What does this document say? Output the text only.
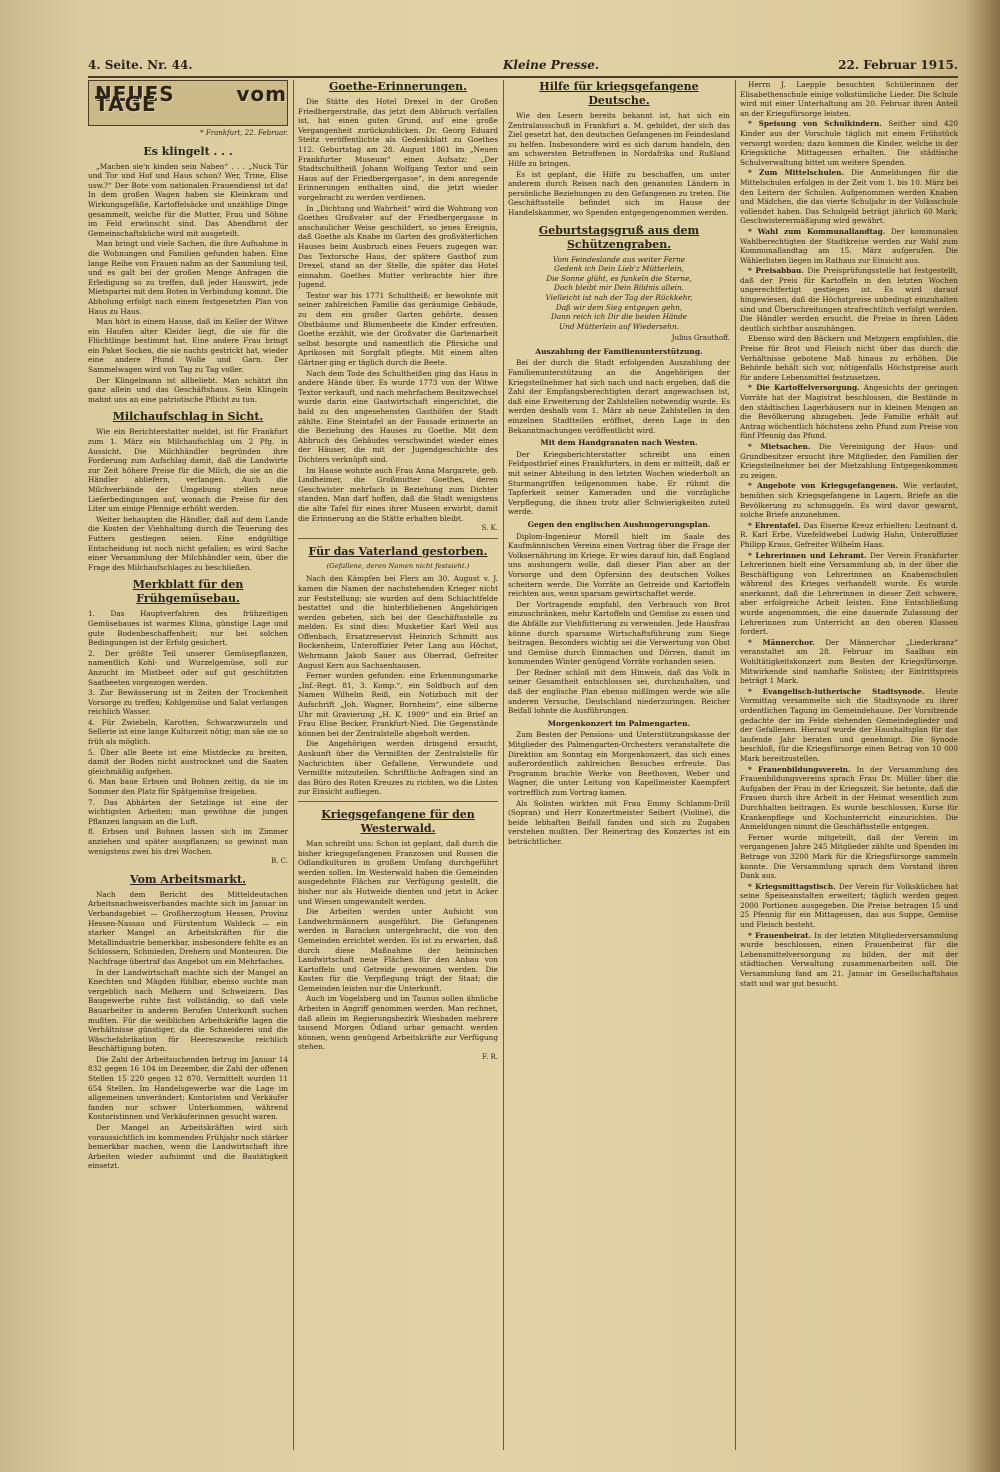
4. Seite. Nr. 44.	Kleine Presse.	22. Februar 1915.
NEUES vom TAGE
* Frankfurt, 22. Februar.
Es klingelt . . .

„Machen sie'n kinden sein Naben“ . . . „Nuck Tür und Tor und Hof und Haus schon? Wer, Trine, Elise usw.?“ Der Bote vom nationalen Frauendienst ist da! In dem großen Wagen haben sie Kleinkram und Wirkungsgefäße, Kartoffelsäcke und unzählige Dinge gesammelt, welche für die Mutter, Frau und Söhne im Feld erwünscht sind. Das Abendbrot der Gemeinschaftsküche wird mit ausgeteilt.

Man bringt und viele Sachen, die ihre Aufnahme in die Wohnungen und Familien gefunden haben. Eine lange Reihe von Frauen nahm an der Sammlung teil, und es galt bei der großen Menge Anfragen die Erledigung so zu treffen, daß jeder Hauswirt, jede Mietspartei mit dem Boten in Verbindung kommt. Die Abholung erfolgt nach einem festgesetzten Plan von Haus zu Haus.

Man hört in einem Hause, daß im Keller der Witwe ein Haufen alter Kleider liegt, die sie für die Flüchtlinge bestimmt hat. Eine andere Frau bringt ein Paket Socken, die sie nachts gestrickt hat, wieder eine andere Pfund Wolle und Garn. Der Sammelwagen wird von Tag zu Tag voller.

Der Klingelmann ist allbeliebt. Man schätzt ihn ganz allein und das Geschäftshaus. Sein Klingeln mahnt uns an eine patriotische Pflicht zu tun.

Milchaufschlag in Sicht.

Wie ein Berichterstatter meldet, ist für Frankfurt zum 1. März ein Milchaufschlag um 2 Pfg. in Aussicht. Die Milchhändler begründen ihre Forderung zum Aufschlag damit, daß die Landwirte zur Zeit höhere Preise für die Milch, die sie an die Händler abliefern, verlangen. Auch die Milchverbände der Umgebung stellen neue Lieferbedingungen auf, wonach die Preise für den Liter um einige Pfennige erhöht werden.

Weiter behaupten die Händler, daß auf dem Lande die Kosten der Viehhaltung durch die Teuerung des Futters gestiegen seien. Eine endgültige Entscheidung ist noch nicht gefallen; es wird Sache einer Versammlung der Milchhändler sein, über die Frage des Milchaufschlages zu beschließen.

Merkblatt für den Frühgemüsebau.

1. Das Hauptverfahren des frühzeitigen Gemüsebaues ist warmes Klima, günstige Lage und gute Bodenbeschaffenheit; nur bei solchen Bedingungen ist der Erfolg gesichert.

2. Der größte Teil unserer Gemüsepflanzen, namentlich Kohl- und Wurzelgemüse, soll zur Anzucht im Mistbeet oder auf gut geschützten Saatbeeten vorgezogen werden.

3. Zur Bewässerung ist in Zeiten der Trockenheit Vorsorge zu treffen; Kohlgemüse und Salat verlangen reichlich Wasser.

4. Für Zwiebeln, Karotten, Schwarzwurzeln und Sellerie ist eine lange Kulturzeit nötig; man säe sie so früh als möglich.

5. Über alle Beete ist eine Mistdecke zu breiten, damit der Boden nicht austrocknet und die Saaten gleichmäßig aufgehen.

6. Man baue Erbsen und Bohnen zeitig, da sie im Sommer den Platz für Spätgemüse freigeben.

7. Das Abhärten der Setzlinge ist eine der wichtigsten Arbeiten; man gewöhne die jungen Pflanzen langsam an die Luft.

8. Erbsen und Bohnen lassen sich im Zimmer anziehen und später auspflanzen; so gewinnt man wenigstens zwei bis drei Wochen.

B. C.
Vom Arbeitsmarkt.

Nach dem Bericht des Mitteldeutschen Arbeitsnachweisverbandes machte sich im Januar im Verbandsgebiet — Großherzogtum Hessen, Provinz Hessen-Nassau und Fürstentum Waldeck — ein starker Mangel an Arbeitskräften für die Metallindustrie bemerkbar, insbesondere fehlte es an Schlossern, Schmieden, Drehern und Monteuren. Die Nachfrage übertraf das Angebot um ein Mehrfaches.

In der Landwirtschaft machte sich der Mangel an Knechten und Mägden fühlbar, ebenso suchte man vergeblich nach Melkern und Schweizern. Das Baugewerbe ruhte fast vollständig, so daß viele Bauarbeiter in anderen Berufen Unterkunft suchen mußten. Für die weiblichen Arbeitskräfte lagen die Verhältnisse günstiger, da die Schneiderei und die Wäschefabrikation für Heereszwecke reichlich Beschäftigung boten.

Die Zahl der Arbeitsuchenden betrug im Januar 14 832 gegen 16 104 im Dezember, die Zahl der offenen Stellen 15 220 gegen 12 870. Vermittelt wurden 11 654 Stellen. Im Handelsgewerbe war die Lage im allgemeinen unverändert; Kontoristen und Verkäufer fanden nur schwer Unterkommen, während Kontoristinnen und Verkäuferinnen gesucht waren.

Der Mangel an Arbeitskräften wird sich voraussichtlich im kommenden Frühjahr noch stärker bemerkbar machen, wenn die Landwirtschaft ihre Arbeiten wieder aufnimmt und die Bautätigkeit einsetzt.

Goethe-Erinnerungen.

Die Stätte des Hotel Drexel in der Großen Friedbergerstraße, das jetzt dem Abbruch verfallen ist, hat einen guten Grund, auf eine große Vergangenheit zurückzublicken. Dr. Georg Eduard Steitz veröffentlichte als Gedenkblatt zu Goethes 112. Geburtstag am 28. August 1861 im „Neuen Frankfurter Museum“ einen Aufsatz: „Der Stadtschultheiß Johann Wolfgang Textor und sein Haus auf der Friedbergergasse“, in dem anregende Erinnerungen enthalten sind, die jetzt wieder vorgebracht zu werden verdienen.

In „Dichtung und Wahrheit“ wird die Wohnung von Goethes Großvater auf der Friedbergergasse in anschaulicher Weise geschildert, so jenes Ereignis, daß Goethe als Knabe im Garten des großväterlichen Hauses beim Ausbruch eines Feuers zugegen war. Das Textorsche Haus, der spätere Gasthof zum Drexel, stand an der Stelle, die später das Hotel einnahm. Goethes Mutter verbrachte hier ihre Jugend.

Textor war bis 1771 Schultheiß; er bewohnte mit seiner zahlreichen Familie das geräumige Gebäude, zu dem ein großer Garten gehörte, dessen Obstbäume und Blumenbeete die Kinder erfreuten. Goethe erzählt, wie der Großvater die Gartenarbeit selbst besorgte und namentlich die Pfirsiche und Aprikosen mit Sorgfalt pflegte. Mit einem alten Gärtner ging er täglich durch die Beete.

Nach dem Tode des Schultheißen ging das Haus in andere Hände über. Es wurde 1773 von der Witwe Textor verkauft, und nach mehrfachem Besitzwechsel wurde darin eine Gastwirtschaft eingerichtet, die bald zu den angesehensten Gasthöfen der Stadt zählte. Eine Steintafel an der Fassade erinnerte an die Beziehung des Hauses zu Goethe. Mit dem Abbruch des Gebäudes verschwindet wieder eines der Häuser, die mit der Jugendgeschichte des Dichters verknüpft sind.

Im Hause wohnte auch Frau Anna Margarete, geb. Lindheimer, die Großmutter Goethes, deren Geschwister mehrfach in Beziehung zum Dichter standen. Man darf hoffen, daß die Stadt wenigstens die alte Tafel für eines ihrer Museen erwirbt, damit die Erinnerung an die Stätte erhalten bleibt.

S. K.
Für das Vaterland gestorben.
(Gefallene, deren Namen nicht festsieht.)

Nach den Kämpfen bei Flers am 30. August v. J. kamen die Namen der nachstehenden Krieger nicht zur Feststellung; sie wurden auf dem Schlachtfelde bestattet und die hinterbliebenen Angehörigen werden gebeten, sich bei der Geschäftsstelle zu melden. Es sind dies: Musketier Karl Weil aus Offenbach, Ersatzreservist Heinrich Schmitt aus Bockenheim, Unteroffizier Peter Lang aus Höchst, Wehrmann Jakob Sauer aus Oberrad, Gefreiter August Kern aus Sachsenhausen.

Ferner wurden gefunden: eine Erkennungsmarke „Inf.-Regt. 81, 3. Komp.“, ein Soldbuch auf den Namen Wilhelm Reiß, ein Notizbuch mit der Aufschrift „Joh. Wagner, Bornheim“, eine silberne Uhr mit Gravierung „H. K. 1909“ und ein Brief an Frau Elise Becker, Frankfurt-Nied. Die Gegenstände können bei der Zentralstelle abgeholt werden.

Die Angehörigen werden dringend ersucht, Auskunft über die Vermißten der Zentralstelle für Nachrichten über Gefallene, Verwundete und Vermißte mitzuteilen. Schriftliche Anfragen sind an das Büro des Roten Kreuzes zu richten, wo die Listen zur Einsicht aufliegen.

Kriegsgefangene für den Westerwald.

Man schreibt uns: Schon ist geplant, daß durch die bisher kriegsgefangenen Franzosen und Russen die Odlandkulturen in großem Umfang durchgeführt werden sollen. Im Westerwald haben die Gemeinden ausgedehnte Flächen zur Verfügung gestellt, die bisher nur als Hutweide dienten und jetzt in Acker und Wiesen umgewandelt werden.

Die Arbeiten werden unter Aufsicht von Landwehrmännern ausgeführt. Die Gefangenen werden in Baracken untergebracht, die von den Gemeinden errichtet werden. Es ist zu erwarten, daß durch diese Maßnahme der heimischen Landwirtschaft neue Flächen für den Anbau von Kartoffeln und Getreide gewonnen werden. Die Kosten für die Verpflegung trägt der Staat; die Gemeinden leisten nur die Unterkunft.

Auch im Vogelsberg und im Taunus sollen ähnliche Arbeiten in Angriff genommen werden. Man rechnet, daß allein im Regierungsbezirk Wiesbaden mehrere tausend Morgen Ödland urbar gemacht werden können, wenn genügend Arbeitskräfte zur Verfügung stehen.

F. R.
Hilfe für kriegsgefangene Deutsche.

Wie den Lesern bereits bekannt ist, hat sich ein Zentralausschuß in Frankfurt a. M. gebildet, der sich das Ziel gesetzt hat, den deutschen Gefangenen im Feindesland zu helfen. Insbesondere wird es sich darum handeln, den am schwersten Betroffenen in Nordafrika und Rußland Hilfe zu bringen.

Es ist geplant, die Hilfe zu beschaffen, um unter anderem durch Reisen nach den genannten Ländern in persönliche Beziehungen zu den Gefangenen zu treten. Die Geschäftsstelle befindet sich im Hause der Handelskammer, wo Spenden entgegengenommen werden.

Geburtstagsgruß aus dem Schützengraben.
Vom Feindeslande aus weiter Ferne
Gedenk ich Dein Lieb'z Mütterlein,
Die Sonne glüht, es funkeln die Sterne,
Doch bleibt mir Dein Bildnis allein.
Vielleicht ist nah der Tag der Rückkehr,
Daß wir dem Sieg entgegen gehn,
Dann reich ich Dir die beiden Hände
Und Mütterlein auf Wiedersehn.
Julius Grauthoff.
Auszahlung der Familienunterstützung.

Bei der durch die Stadt erfolgenden Auszahlung der Familienunterstützung an die Angehörigen der Kriegsteilnehmer hat sich nach und nach ergeben, daß die Zahl der Empfangsberechtigten derart angewachsen ist, daß eine Erweiterung der Zahlstellen notwendig wurde. Es werden deshalb vom 1. März ab neue Zahlstellen in den einzelnen Stadtteilen eröffnet, deren Lage in den Bekanntmachungen veröffentlicht wird.

Mit dem Handgranaten nach Westen.

Der Kriegsberichterstatter schreibt uns einen Feldpostbrief eines Frankfurters, in dem er mitteilt, daß er mit seiner Abteilung in den letzten Wochen wiederholt an Sturmangriffen teilgenommen habe. Er rühmt die Tapferkeit seiner Kameraden und die vorzügliche Verpflegung, die ihnen trotz aller Schwierigkeiten zuteil werde.

Gegen den englischen Aushungerungsplan.

Diplom-Ingenieur Morell hielt im Saale des Kaufmännischen Vereins einen Vortrag über die Frage der Volksernährung im Kriege. Er wies darauf hin, daß England uns aushungern wolle, daß dieser Plan aber an der Vorsorge und dem Opfersinn des deutschen Volkes scheitern werde. Die Vorräte an Getreide und Kartoffeln reichten aus, wenn sparsam gewirtschaftet werde.

Der Vortragende empfahl, den Verbrauch von Brot einzuschränken, mehr Kartoffeln und Gemüse zu essen und die Abfälle zur Viehfütterung zu verwenden. Jede Hausfrau könne durch sparsame Wirtschaftsführung zum Siege beitragen. Besonders wichtig sei die Verwertung von Obst und Gemüse durch Einmachen und Dörren, damit im kommenden Winter genügend Vorräte vorhanden seien.

Der Redner schloß mit dem Hinweis, daß das Volk in seiner Gesamtheit entschlossen sei, durchzuhalten, und daß der englische Plan ebenso mißlingen werde wie alle anderen Versuche, Deutschland niederzuringen. Reicher Beifall lohnte die Ausführungen.

Morgenkonzert im Palmengarten.

Zum Besten der Pensions- und Unterstützungskasse der Mitglieder des Palmengarten-Orchesters veranstaltete die Direktion am Sonntag ein Morgenkonzert, das sich eines außerordentlich zahlreichen Besuches erfreute. Das Programm brachte Werke von Beethoven, Weber und Wagner, die unter Leitung von Kapellmeister Kaempfert vortrefflich zum Vortrag kamen.

Als Solisten wirkten mit Frau Emmy Schlamm-Drill (Sopran) und Herr Konzertmeister Seibert (Violine), die beide lebhaften Beifall fanden und sich zu Zugaben verstehen mußten. Der Reinertrag des Konzertes ist ein beträchtlicher.

Herrn J. Laepple besuchten Schülerinnen der Elisabethenschule einige volkstümliche Lieder. Die Schule wird mit einer Unterhaltung am 20. Februar ihren Anteil an der Kriegsfürsorge leisten.

* Speisung von Schulkindern. Seither sind 420 Kinder aus der Vorschule täglich mit einem Frühstück versorgt worden; dazu kommen die Kinder, welche in der Kriegsküche Mittagessen erhalten. Die städtische Schulverwaltung bittet um weitere Spenden.

* Zum Mittelschulen. Die Anmeldungen für die Mittelschulen erfolgen in der Zeit vom 1. bis 10. März bei den Leitern der Schulen. Aufgenommen werden Knaben und Mädchen, die das vierte Schuljahr in der Volksschule vollendet haben. Das Schulgeld beträgt jährlich 60 Mark; Geschwisterermäßigung wird gewährt.

* Wahl zum Kommunallandtag. Der kommunalen Wahlberechtigten der Stadtkreise werden zur Wahl zum Kommunallandtag am 15. März aufgerufen. Die Wählerlisten liegen im Rathaus zur Einsicht aus.

* Preisabbau. Die Preisprüfungsstelle hat festgestellt, daß der Preis für Kartoffeln in den letzten Wochen ungerechtfertigt gestiegen ist. Es wird darauf hingewiesen, daß die Höchstpreise unbedingt einzuhalten sind und Überschreitungen strafrechtlich verfolgt werden. Die Händler werden ersucht, die Preise in ihren Läden deutlich sichtbar auszuhängen.

Ebenso wird den Bäckern und Metzgern empfohlen, die Preise für Brot und Fleisch nicht über das durch die Verhältnisse gebotene Maß hinaus zu erhöhen. Die Behörde behält sich vor, nötigenfalls Höchstpreise auch für andere Lebensmittel festzusetzen.

* Die Kartoffelversorgung. Angesichts der geringen Vorräte hat der Magistrat beschlossen, die Bestände in den städtischen Lagerhäusern nur in kleinen Mengen an die Bevölkerung abzugeben. Jede Familie erhält auf Antrag wöchentlich höchstens zehn Pfund zum Preise von fünf Pfennig das Pfund.

* Mietsachen. Die Vereinigung der Haus- und Grundbesitzer ersucht ihre Mitglieder, den Familien der Kriegsteilnehmer bei der Mietzahlung Entgegenkommen zu zeigen.

* Angebote von Kriegsgefangenen. Wie verlautet, bemühen sich Kriegsgefangene in Lagern, Briefe an die Bevölkerung zu schmuggeln. Es wird davor gewarnt, solche Briefe anzunehmen.

* Ehrentafel. Das Eiserne Kreuz erhielten: Leutnant d. R. Karl Erbe, Vizefeldwebel Ludwig Hahn, Unteroffizier Philipp Kraus, Gefreiter Wilhelm Haas.

* Lehrerinnen und Lehramt. Der Verein Frankfurter Lehrerinnen hielt eine Versammlung ab, in der über die Beschäftigung von Lehrerinnen an Knabenschulen während des Krieges verhandelt wurde. Es wurde anerkannt, daß die Lehrerinnen in dieser Zeit schwere, aber erfolgreiche Arbeit leisten. Eine Entschließung wurde angenommen, die eine dauernde Zulassung der Lehrerinnen zum Unterricht an den oberen Klassen fordert.

* Männerchor. Der Männerchor „Liederkranz“ veranstaltet am 28. Februar im Saalbau ein Wohltätigkeitskonzert zum Besten der Kriegsfürsorge. Mitwirkende sind namhafte Solisten; der Eintrittspreis beträgt 1 Mark.

* Evangelisch-lutherische Stadtsynode. Heute Vormittag versammelte sich die Stadtsynode zu ihrer ordentlichen Tagung im Gemeindehause. Der Vorsitzende gedachte der im Felde stehenden Gemeindeglieder und der Gefallenen. Hierauf wurde der Haushaltsplan für das laufende Jahr beraten und genehmigt. Die Synode beschloß, für die Kriegsfürsorge einen Betrag von 10 000 Mark bereitzustellen.

* Frauenbildungsverein. In der Versammlung des Frauenbildungsvereins sprach Frau Dr. Müller über die Aufgaben der Frau in der Kriegszeit. Sie betonte, daß die Frauen durch ihre Arbeit in der Heimat wesentlich zum Durchhalten beitragen. Es wurde beschlossen, Kurse für Krankenpflege und Kochunterricht einzurichten. Die Anmeldungen nimmt die Geschäftsstelle entgegen.

Ferner wurde mitgeteilt, daß der Verein im vergangenen Jahre 245 Mitglieder zählte und Spenden im Betrage von 3200 Mark für die Kriegsfürsorge sammeln konnte. Die Versammlung sprach dem Vorstand ihren Dank aus.

* Kriegsmittagstisch. Der Verein für Volksküchen hat seine Speiseanstalten erweitert; täglich werden gegen 2000 Portionen ausgegeben. Die Preise betragen 15 und 25 Pfennig für ein Mittagessen, das aus Suppe, Gemüse und Fleisch besteht.

* Frauenbeirat. In der letzten Mitgliederversammlung wurde beschlossen, einen Frauenbeirat für die Lebensmittelversorgung zu bilden, der mit der städtischen Verwaltung zusammenarbeiten soll. Die Versammlung fand am 21. Januar im Gesellschaftshaus statt und war gut besucht.
